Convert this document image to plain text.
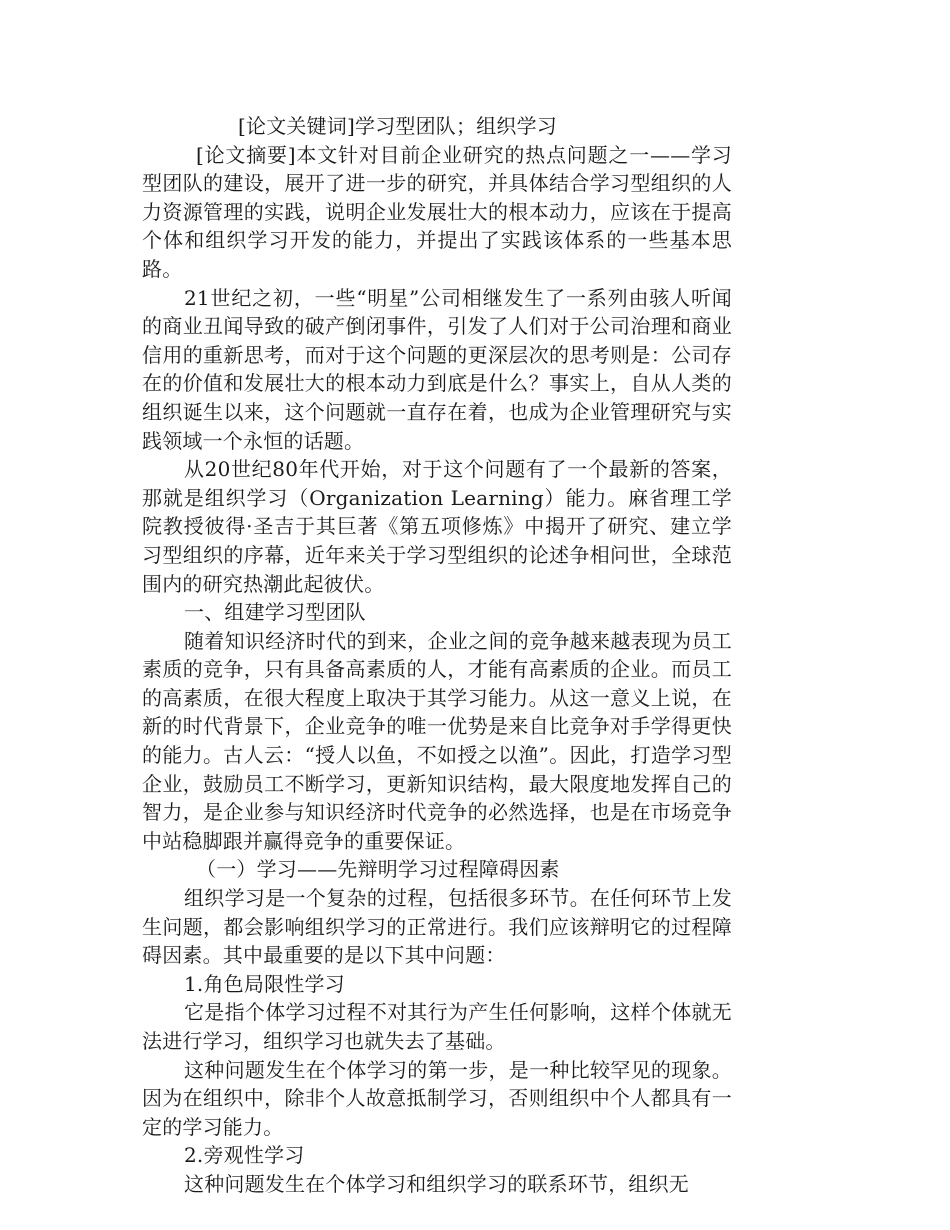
[论文关键词]学习型团队；组织学习

[论文摘要]本文针对目前企业研究的热点问题之一——学习型团队的建设，展开了进一步的研究，并具体结合学习型组织的人力资源管理的实践，说明企业发展壮大的根本动力，应该在于提高个体和组织学习开发的能力，并提出了实践该体系的一些基本思路。

21世纪之初，一些“明星”公司相继发生了一系列由骇人听闻的商业丑闻导致的破产倒闭事件，引发了人们对于公司治理和商业信用的重新思考，而对于这个问题的更深层次的思考则是：公司存在的价值和发展壮大的根本动力到底是什么？事实上，自从人类的组织诞生以来，这个问题就一直存在着，也成为企业管理研究与实践领域一个永恒的话题。

从20世纪80年代开始，对于这个问题有了一个最新的答案，那就是组织学习（Organization Learning）能力。麻省理工学院教授彼得·圣吉于其巨著《第五项修炼》中揭开了研究、建立学习型组织的序幕，近年来关于学习型组织的论述争相问世，全球范围内的研究热潮此起彼伏。

一、组建学习型团队

随着知识经济时代的到来，企业之间的竞争越来越表现为员工素质的竞争，只有具备高素质的人，才能有高素质的企业。而员工的高素质，在很大程度上取决于其学习能力。从这一意义上说，在新的时代背景下，企业竞争的唯一优势是来自比竞争对手学得更快的能力。古人云：“授人以鱼，不如授之以渔”。因此，打造学习型企业，鼓励员工不断学习，更新知识结构，最大限度地发挥自己的智力，是企业参与知识经济时代竞争的必然选择，也是在市场竞争中站稳脚跟并赢得竞争的重要保证。

（一）学习——先辩明学习过程障碍因素

组织学习是一个复杂的过程，包括很多环节。在任何环节上发生问题，都会影响组织学习的正常进行。我们应该辩明它的过程障碍因素。其中最重要的是以下其中问题：

1.角色局限性学习

它是指个体学习过程不对其行为产生任何影响，这样个体就无法进行学习，组织学习也就失去了基础。

这种问题发生在个体学习的第一步，是一种比较罕见的现象。因为在组织中，除非个人故意抵制学习，否则组织中个人都具有一定的学习能力。

2.旁观性学习

这种问题发生在个体学习和组织学习的联系环节，组织无
